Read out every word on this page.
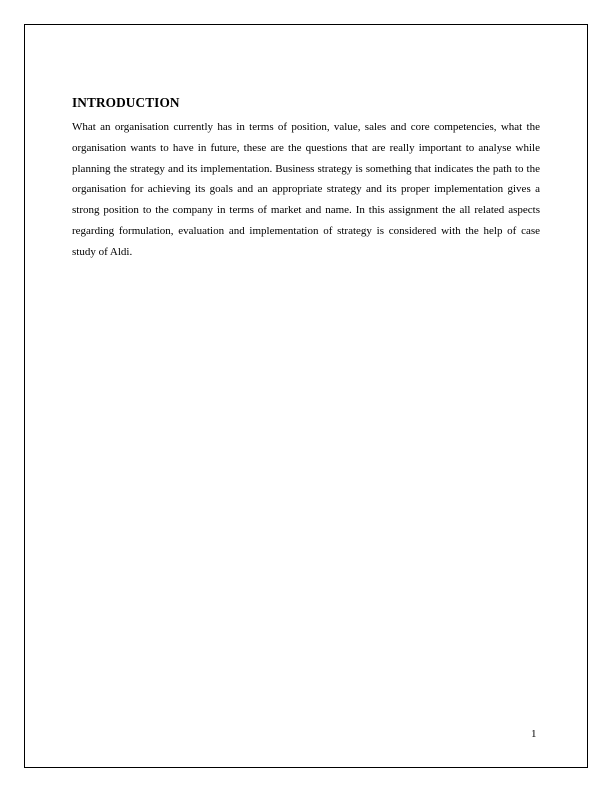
INTRODUCTION

What an organisation currently has in terms of position, value, sales and core competencies, what the organisation wants to have in future, these are the questions that are really important to analyse while planning the strategy and its implementation. Business strategy is something that indicates the path to the organisation for achieving its goals and an appropriate strategy and its proper implementation gives a strong position to the company in terms of market and name. In this assignment the all related aspects regarding formulation, evaluation and implementation of strategy is considered with the help of case study of Aldi.

1
